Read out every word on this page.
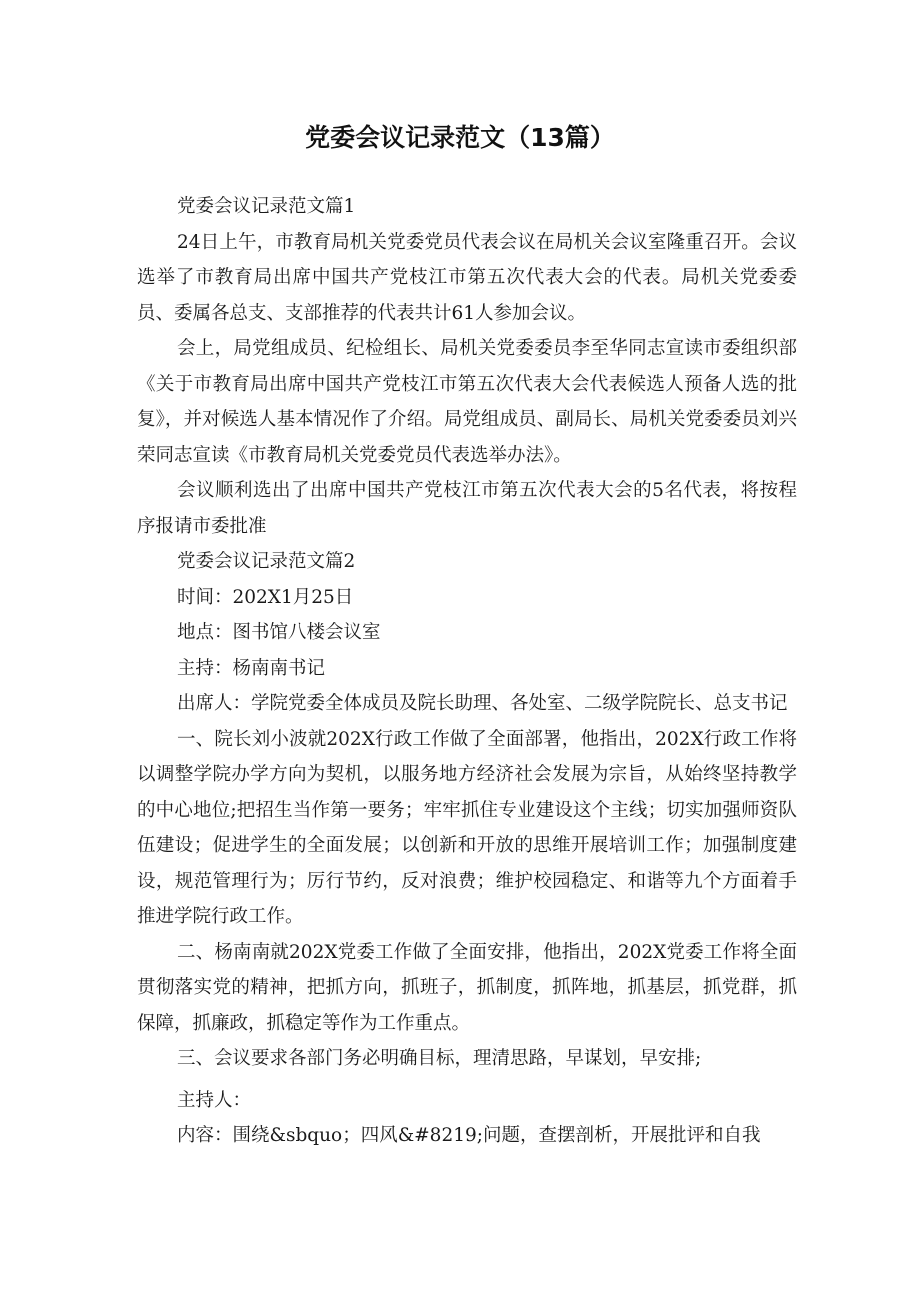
党委会议记录范文（13篇）

党委会议记录范文篇1

24日上午，市教育局机关党委党员代表会议在局机关会议室隆重召开。会议选举了市教育局出席中国共产党枝江市第五次代表大会的代表。局机关党委委员、委属各总支、支部推荐的代表共计61人参加会议。

会上，局党组成员、纪检组长、局机关党委委员李至华同志宣读市委组织部《关于市教育局出席中国共产党枝江市第五次代表大会代表候选人预备人选的批复》，并对候选人基本情况作了介绍。局党组成员、副局长、局机关党委委员刘兴荣同志宣读《市教育局机关党委党员代表选举办法》。

会议顺利选出了出席中国共产党枝江市第五次代表大会的5名代表，将按程序报请市委批准

党委会议记录范文篇2

时间：202X1月25日

地点：图书馆八楼会议室

主持：杨南南书记

出席人：学院党委全体成员及院长助理、各处室、二级学院院长、总支书记

一、院长刘小波就202X行政工作做了全面部署，他指出，202X行政工作将以调整学院办学方向为契机，以服务地方经济社会发展为宗旨，从始终坚持教学的中心地位;把招生当作第一要务；牢牢抓住专业建设这个主线；切实加强师资队伍建设；促进学生的全面发展；以创新和开放的思维开展培训工作；加强制度建设，规范管理行为；厉行节约，反对浪费；维护校园稳定、和谐等九个方面着手推进学院行政工作。

二、杨南南就202X党委工作做了全面安排，他指出，202X党委工作将全面贯彻落实党的精神，把抓方向，抓班子，抓制度，抓阵地，抓基层，抓党群，抓保障，抓廉政，抓稳定等作为工作重点。

三、会议要求各部门务必明确目标，理清思路，早谋划，早安排;

主持人：

内容：围绕&sbquo；四风&#8219;问题，查摆剖析，开展批评和自我
